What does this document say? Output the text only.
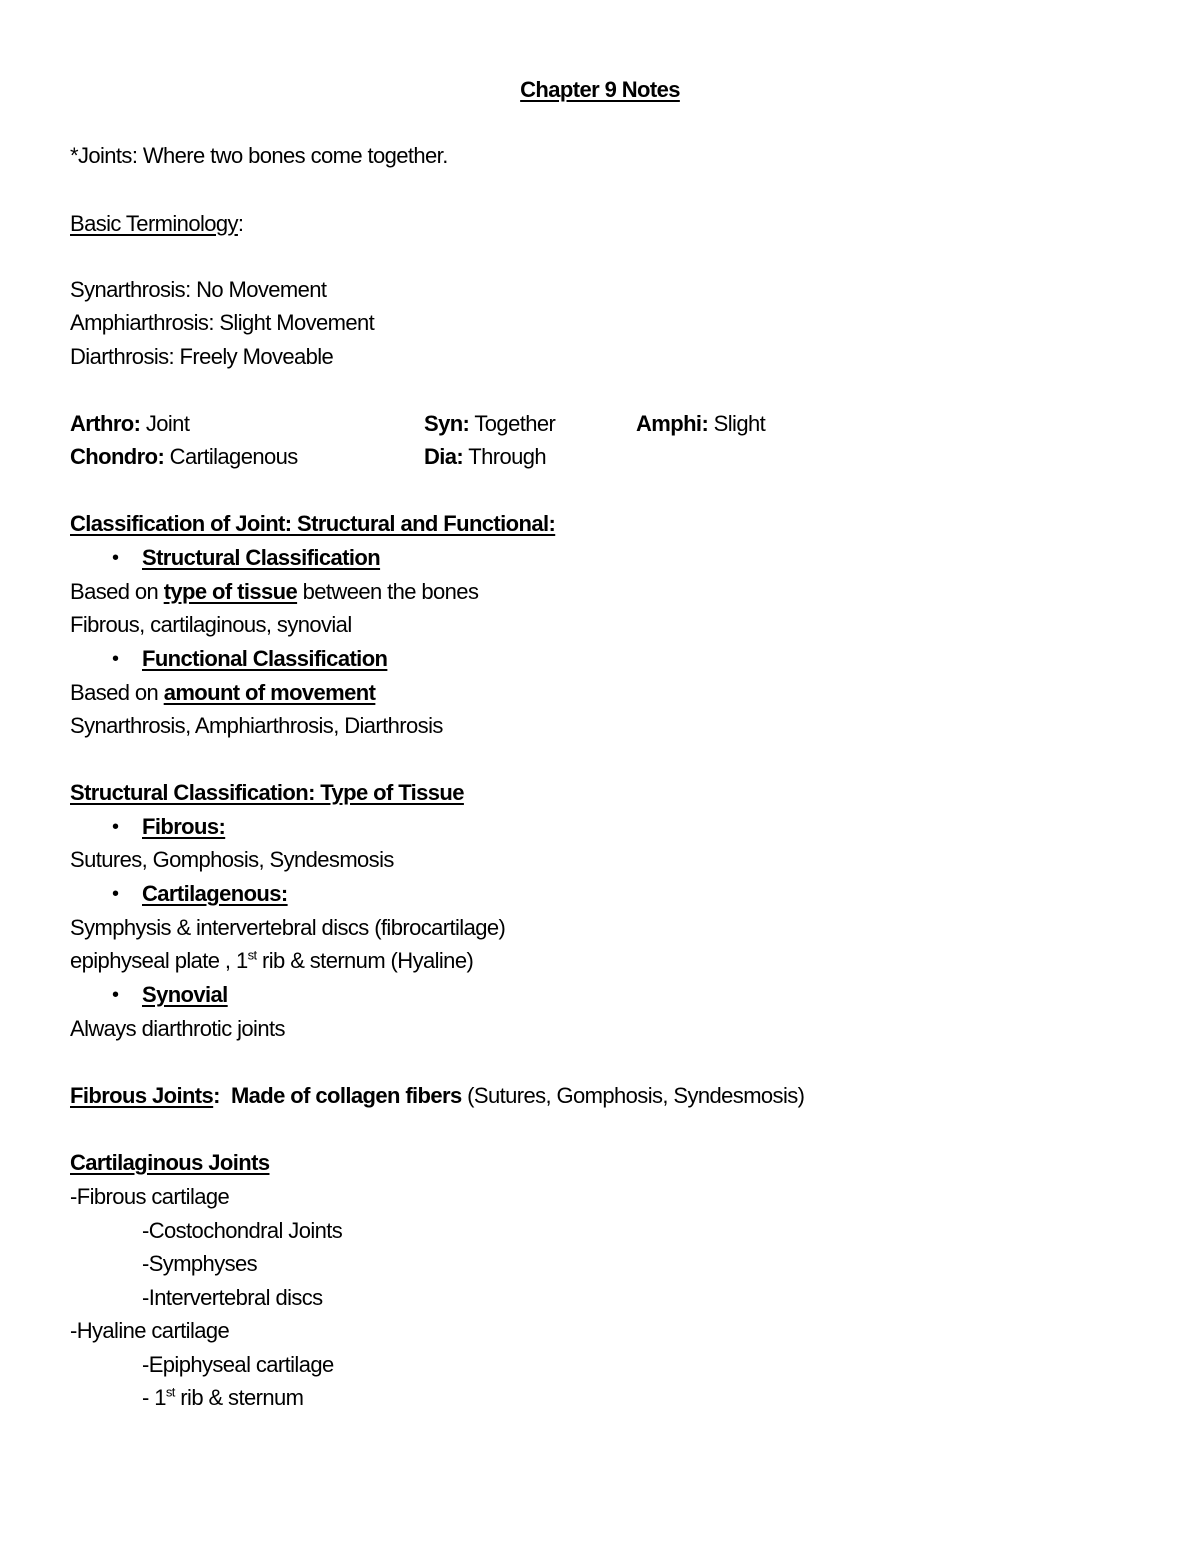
Chapter 9 Notes
*Joints: Where two bones come together.
Basic Terminology:
Synarthrosis: No Movement
Amphiarthrosis: Slight Movement
Diarthrosis: Freely Moveable
Arthro: Joint	Syn: Together	Amphi: Slight
Chondro: Cartilagenous	Dia: Through
Classification of Joint: Structural and Functional:
• Structural Classification
Based on type of tissue between the bones
Fibrous, cartilaginous, synovial
• Functional Classification
Based on amount of movement
Synarthrosis, Amphiarthrosis, Diarthrosis
Structural Classification: Type of Tissue
• Fibrous:
Sutures, Gomphosis, Syndesmosis
• Cartilagenous:
Symphysis & intervertebral discs (fibrocartilage)
epiphyseal plate , 1st rib & sternum (Hyaline)
• Synovial
Always diarthrotic joints
Fibrous Joints:  Made of collagen fibers (Sutures, Gomphosis, Syndesmosis)
Cartilaginous Joints
-Fibrous cartilage
-Costochondral Joints
-Symphyses
-Intervertebral discs
-Hyaline cartilage
-Epiphyseal cartilage
- 1st rib & sternum
